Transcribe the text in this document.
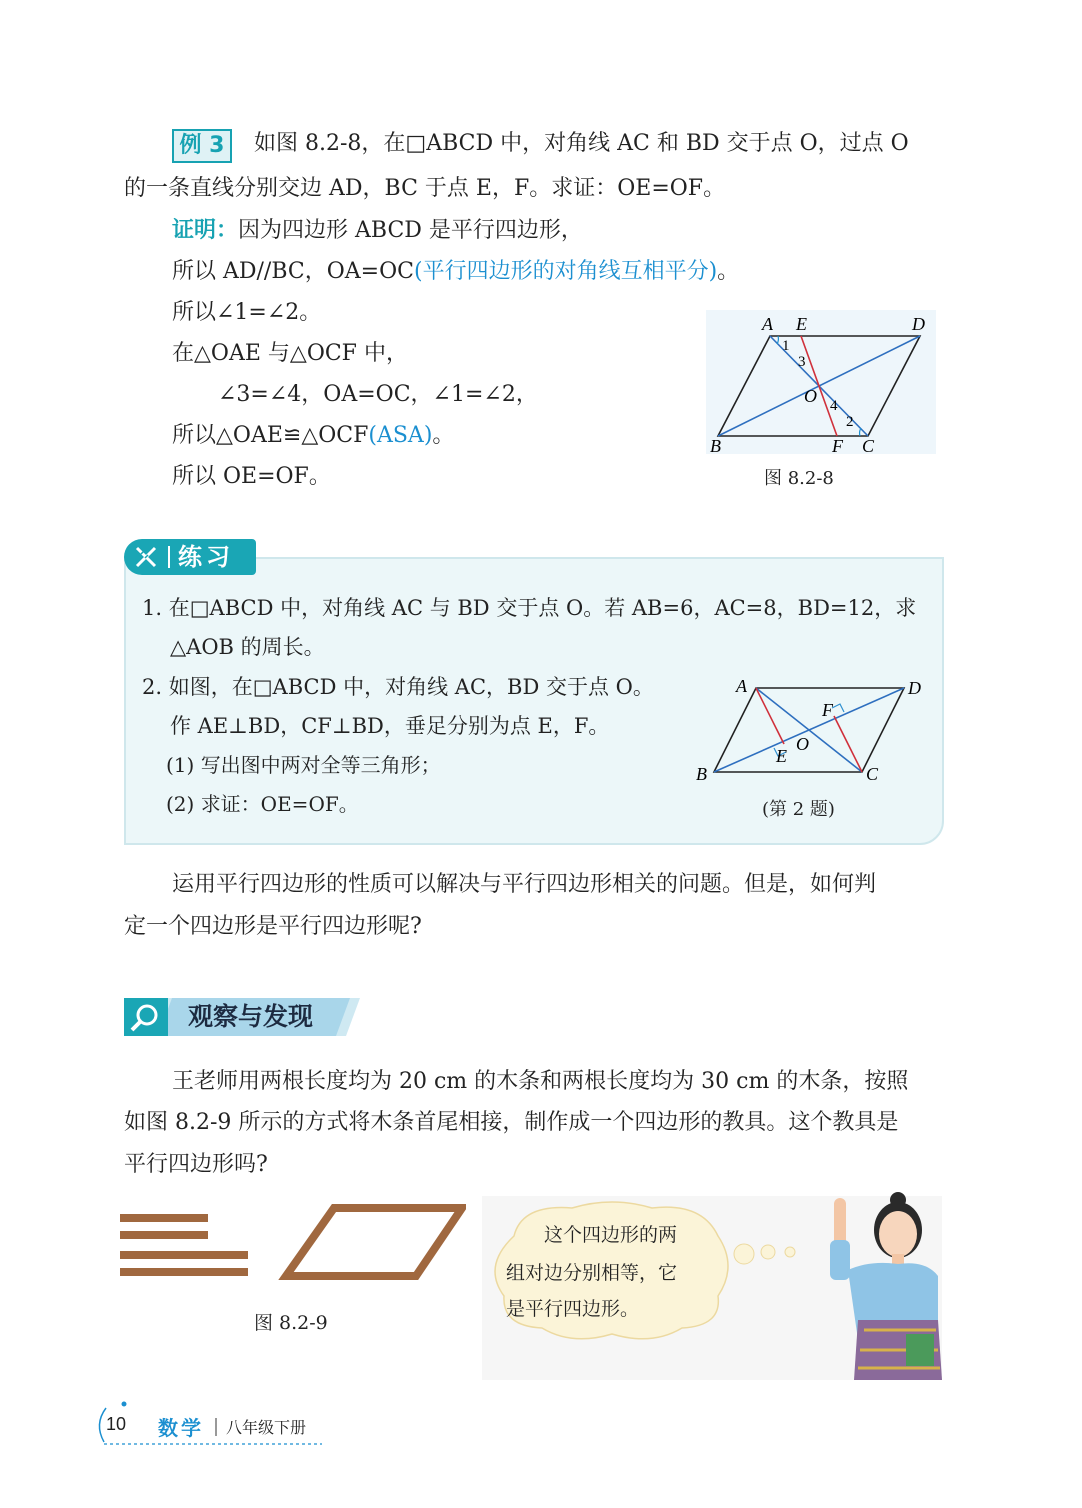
例 3	如图 8.2-8，在□ABCD 中，对角线 AC 和 BD 交于点 O，过点 O
的一条直线分别交边 AD，BC 于点 E，F。求证：OE=OF。
证明：因为四边形 ABCD 是平行四边形，
所以 AD//BC，OA=OC(平行四边形的对角线互相平分)。
所以∠1=∠2。
在△OAE 与△OCF 中，
∠3=∠4，OA=OC，∠1=∠2，
所以△OAE≌△OCF(ASA)。
所以 OE=OF。
A E	D
B	F C
O
1
2
3
4
图 8.2-8
练习
1. 在□ABCD 中，对角线 AC 与 BD 交于点 O。若 AB=6，AC=8，BD=12，求
△AOB 的周长。
2. 如图，在□ABCD 中，对角线 AC，BD 交于点 O。
作 AE⊥BD，CF⊥BD，垂足分别为点 E，F。
(1) 写出图中两对全等三角形；
(2) 求证：OE=OF。
A	D
B	C
E
F
O
(第 2 题)
运用平行四边形的性质可以解决与平行四边形相关的问题。但是，如何判
定一个四边形是平行四边形呢?
观察与发现
王老师用两根长度均为 20 cm 的木条和两根长度均为 30 cm 的木条，按照
如图 8.2-9 所示的方式将木条首尾相接，制作成一个四边形的教具。这个教具是
平行四边形吗?
图 8.2-9
这个四边形的两
组对边分别相等，它
是平行四边形。
10 数学 八年级下册
